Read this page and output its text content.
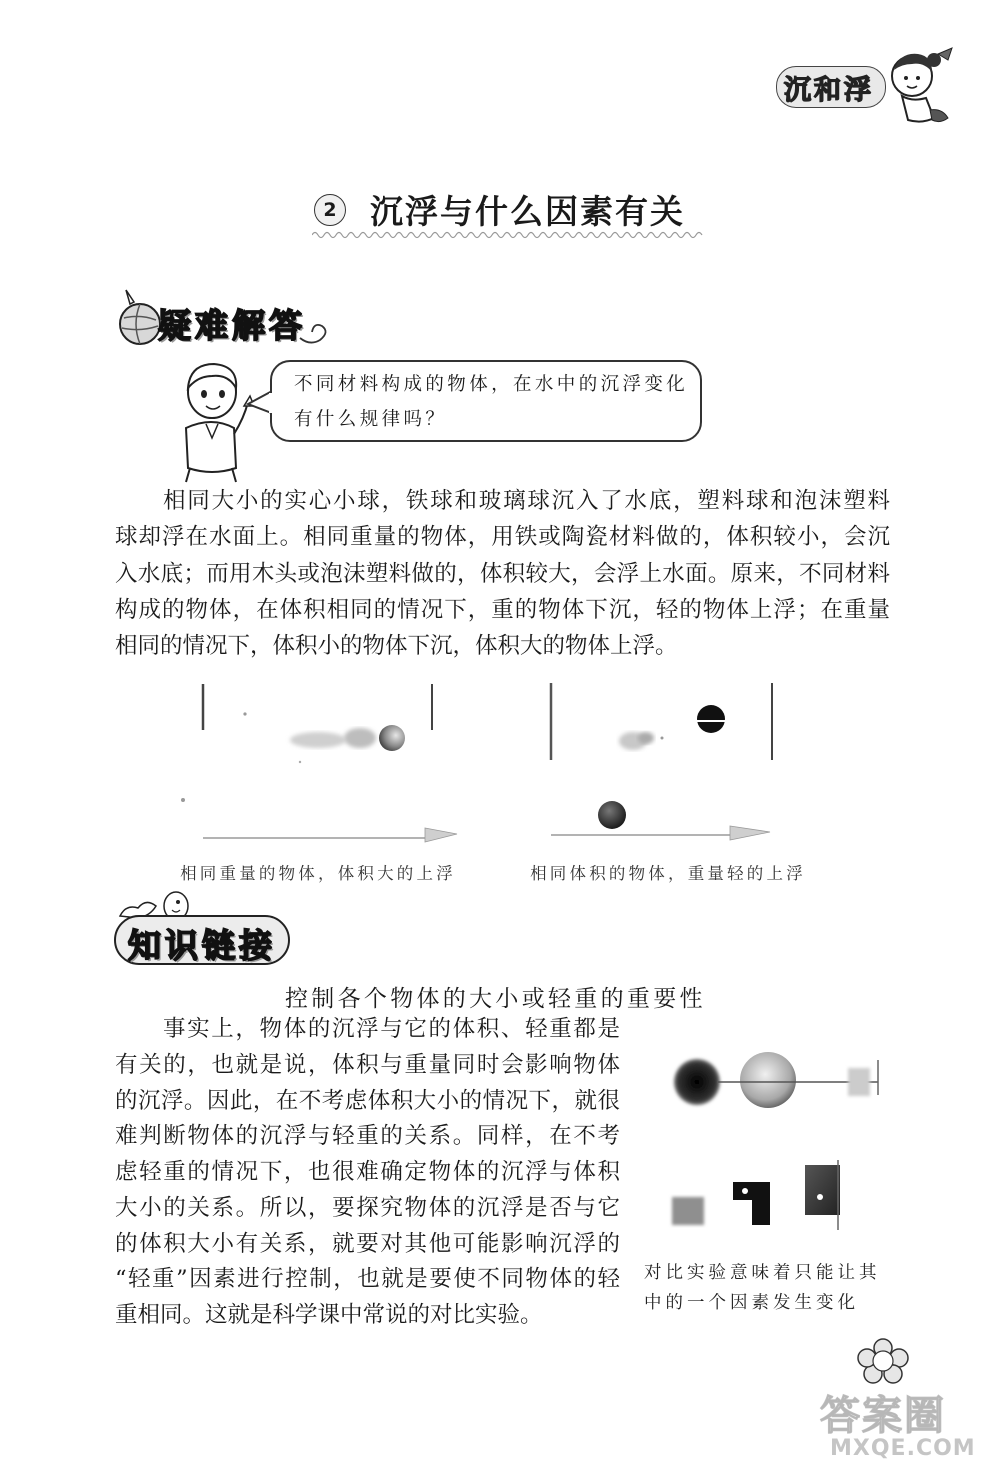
沉和浮
2 沉浮与什么因素有关
疑难解答
不同材料构成的物体，在水中的沉浮变化
有什么规律吗？
相同大小的实心小球，铁球和玻璃球沉入了水底，塑料球和泡沫塑料
球却浮在水面上。相同重量的物体，用铁或陶瓷材料做的，体积较小，会沉
入水底；而用木头或泡沫塑料做的，体积较大，会浮上水面。原来，不同材料
构成的物体，在体积相同的情况下，重的物体下沉，轻的物体上浮；在重量
相同的情况下，体积小的物体下沉，体积大的物体上浮。
相同重量的物体，体积大的上浮	相同体积的物体，重量轻的上浮
知识链接
控制各个物体的大小或轻重的重要性
事实上，物体的沉浮与它的体积、轻重都是
有关的，也就是说，体积与重量同时会影响物体
的沉浮。因此，在不考虑体积大小的情况下，就很
难判断物体的沉浮与轻重的关系。同样，在不考
虑轻重的情况下，也很难确定物体的沉浮与体积
大小的关系。所以，要探究物体的沉浮是否与它
的体积大小有关系，就要对其他可能影响沉浮的
“轻重”因素进行控制，也就是要使不同物体的轻
重相同。这就是科学课中常说的对比实验。
对比实验意味着只能让其
中的一个因素发生变化
答案圈
MXQE.COM
